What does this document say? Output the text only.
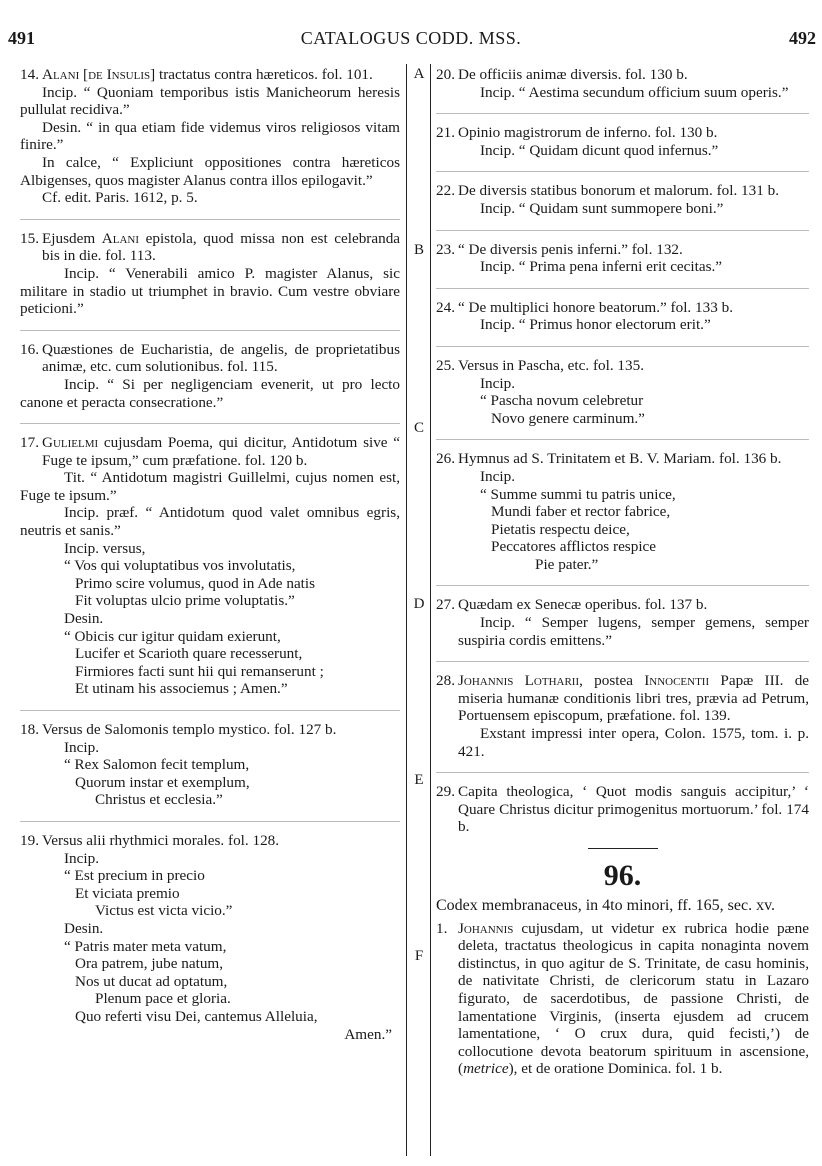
491	CATALOGUS CODD. MSS.	492
A
B
C
D
E
F

14. Alani [de Insulis] tractatus contra hæreticos. fol. 101.

Incip. “ Quoniam temporibus istis Manicheorum heresis pullulat recidiva.”

Desin. “ in qua etiam fide videmus viros religiosos vitam finire.”

In calce, “ Expliciunt oppositiones contra hæreticos Albigenses, quos magister Alanus contra illos epilogavit.”

Cf. edit. Paris. 1612, p. 5.

15. Ejusdem Alani epistola, quod missa non est celebranda bis in die. fol. 113.

Incip. “ Venerabili amico P. magister Alanus, sic militare in stadio ut triumphet in bravio. Cum vestre obviare peticioni.”

16. Quæstiones de Eucharistia, de angelis, de proprietatibus animæ, etc. cum solutionibus. fol. 115.

Incip. “ Si per negligenciam evenerit, ut pro lecto canone et peracta consecratione.”

17. Gulielmi cujusdam Poema, qui dicitur, Antidotum sive “ Fuge te ipsum,” cum præfatione. fol. 120 b.

Tit. “ Antidotum magistri Guillelmi, cujus nomen est, Fuge te ipsum.”

Incip. præf. “ Antidotum quod valet omnibus egris, neutris et sanis.”

Incip. versus,

“ Vos qui voluptatibus vos involutatis,
Primo scire volumus, quod in Ade natis
Fit voluptas ulcio prime voluptatis.”

Desin.

“ Obicis cur igitur quidam exierunt,
Lucifer et Scarioth quare recesserunt,
Firmiores facti sunt hii qui remanserunt ;
Et utinam his associemus ; Amen.”

18. Versus de Salomonis templo mystico. fol. 127 b.

Incip.

“ Rex Salomon fecit templum,
Quorum instar et exemplum,
Christus et ecclesia.”

19. Versus alii rhythmici morales. fol. 128.

Incip.

“ Est precium in precio
Et viciata premio
Victus est victa vicio.”

Desin.

“ Patris mater meta vatum,
Ora patrem, jube natum,
Nos ut ducat ad optatum,
Plenum pace et gloria.
Quo referti visu Dei, cantemus Alleluia,
Amen.”

20. De officiis animæ diversis. fol. 130 b.

Incip. “ Aestima secundum officium suum operis.”

21. Opinio magistrorum de inferno. fol. 130 b.

Incip. “ Quidam dicunt quod infernus.”

22. De diversis statibus bonorum et malorum. fol. 131 b.

Incip. “ Quidam sunt summopere boni.”

23. “ De diversis penis inferni.” fol. 132.

Incip. “ Prima pena inferni erit cecitas.”

24. “ De multiplici honore beatorum.” fol. 133 b.

Incip. “ Primus honor electorum erit.”

25. Versus in Pascha, etc. fol. 135.

Incip.

“ Pascha novum celebretur
Novo genere carminum.”

26. Hymnus ad S. Trinitatem et B. V. Mariam. fol. 136 b.

Incip.

“ Summe summi tu patris unice,
Mundi faber et rector fabrice,
Pietatis respectu deice,
Peccatores afflictos respice
Pie pater.”

27. Quædam ex Senecæ operibus. fol. 137 b.

Incip. “ Semper lugens, semper gemens, semper suspiria cordis emittens.”

28. Johannis Lotharii, postea Innocentii Papæ III. de miseria humanæ conditionis libri tres, prævia ad Petrum, Portuensem episcopum, præfatione. fol. 139.

Exstant impressi inter opera, Colon. 1575, tom. i. p. 421.

29. Capita theologica, ‘ Quot modis sanguis accipitur,’ ‘ Quare Christus dicitur primogenitus mortuorum.’ fol. 174 b.

96.

Codex membranaceus, in 4to minori, ff. 165, sec. xv.

1. Johannis cujusdam, ut videtur ex rubrica hodie pæne deleta, tractatus theologicus in capita nonaginta novem distinctus, in quo agitur de S. Trinitate, de casu hominis, de nativitate Christi, de clericorum statu in Lazaro figurato, de sacerdotibus, de passione Christi, de lamentatione Virginis, (inserta ejusdem ad crucem lamentatione, ‘ O crux dura, quid fecisti,’) de collocutione devota beatorum spirituum in ascensione, (metrice), et de oratione Dominica. fol. 1 b.
